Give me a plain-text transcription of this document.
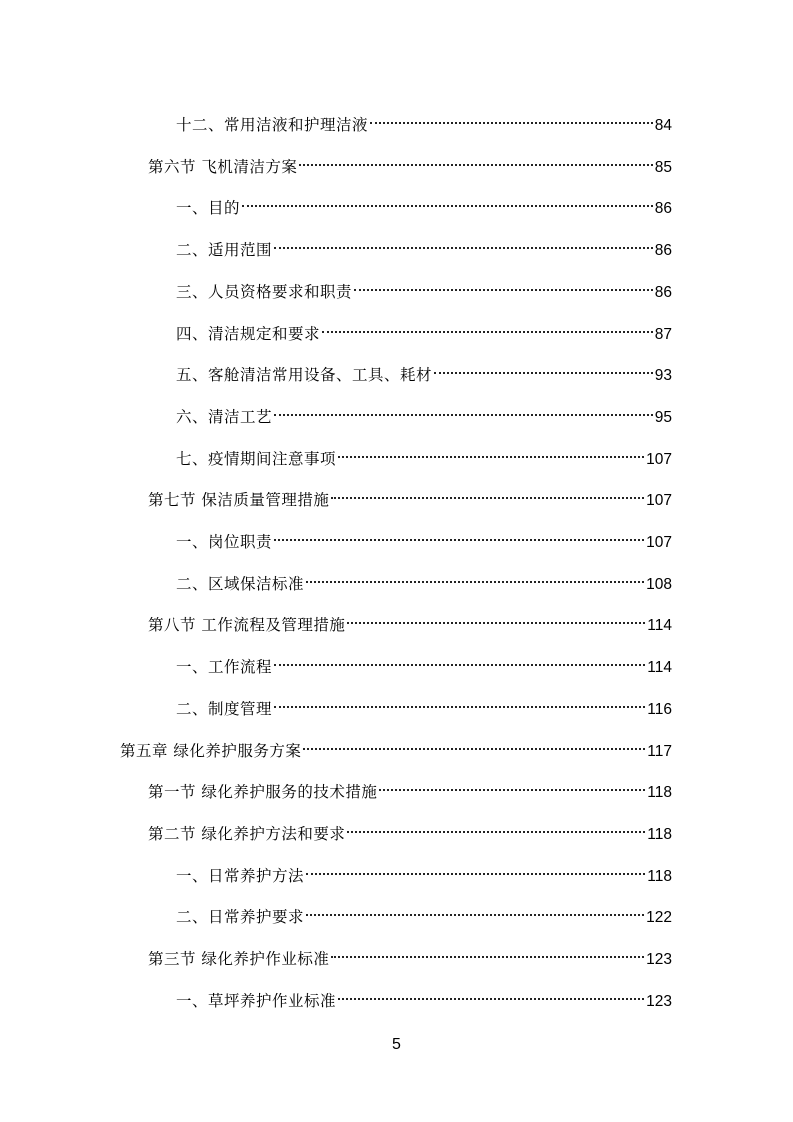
十二、常用洁液和护理洁液	84
第六节 飞机清洁方案	85
一、目的	86
二、适用范围	86
三、人员资格要求和职责	86
四、清洁规定和要求	87
五、客舱清洁常用设备、工具、耗材	93
六、清洁工艺	95
七、疫情期间注意事项	107
第七节 保洁质量管理措施	107
一、岗位职责	107
二、区域保洁标准	108
第八节 工作流程及管理措施	114
一、工作流程	114
二、制度管理	116
第五章 绿化养护服务方案	117
第一节 绿化养护服务的技术措施	118
第二节 绿化养护方法和要求	118
一、日常养护方法	118
二、日常养护要求	122
第三节 绿化养护作业标准	123
一、草坪养护作业标准	123
5
